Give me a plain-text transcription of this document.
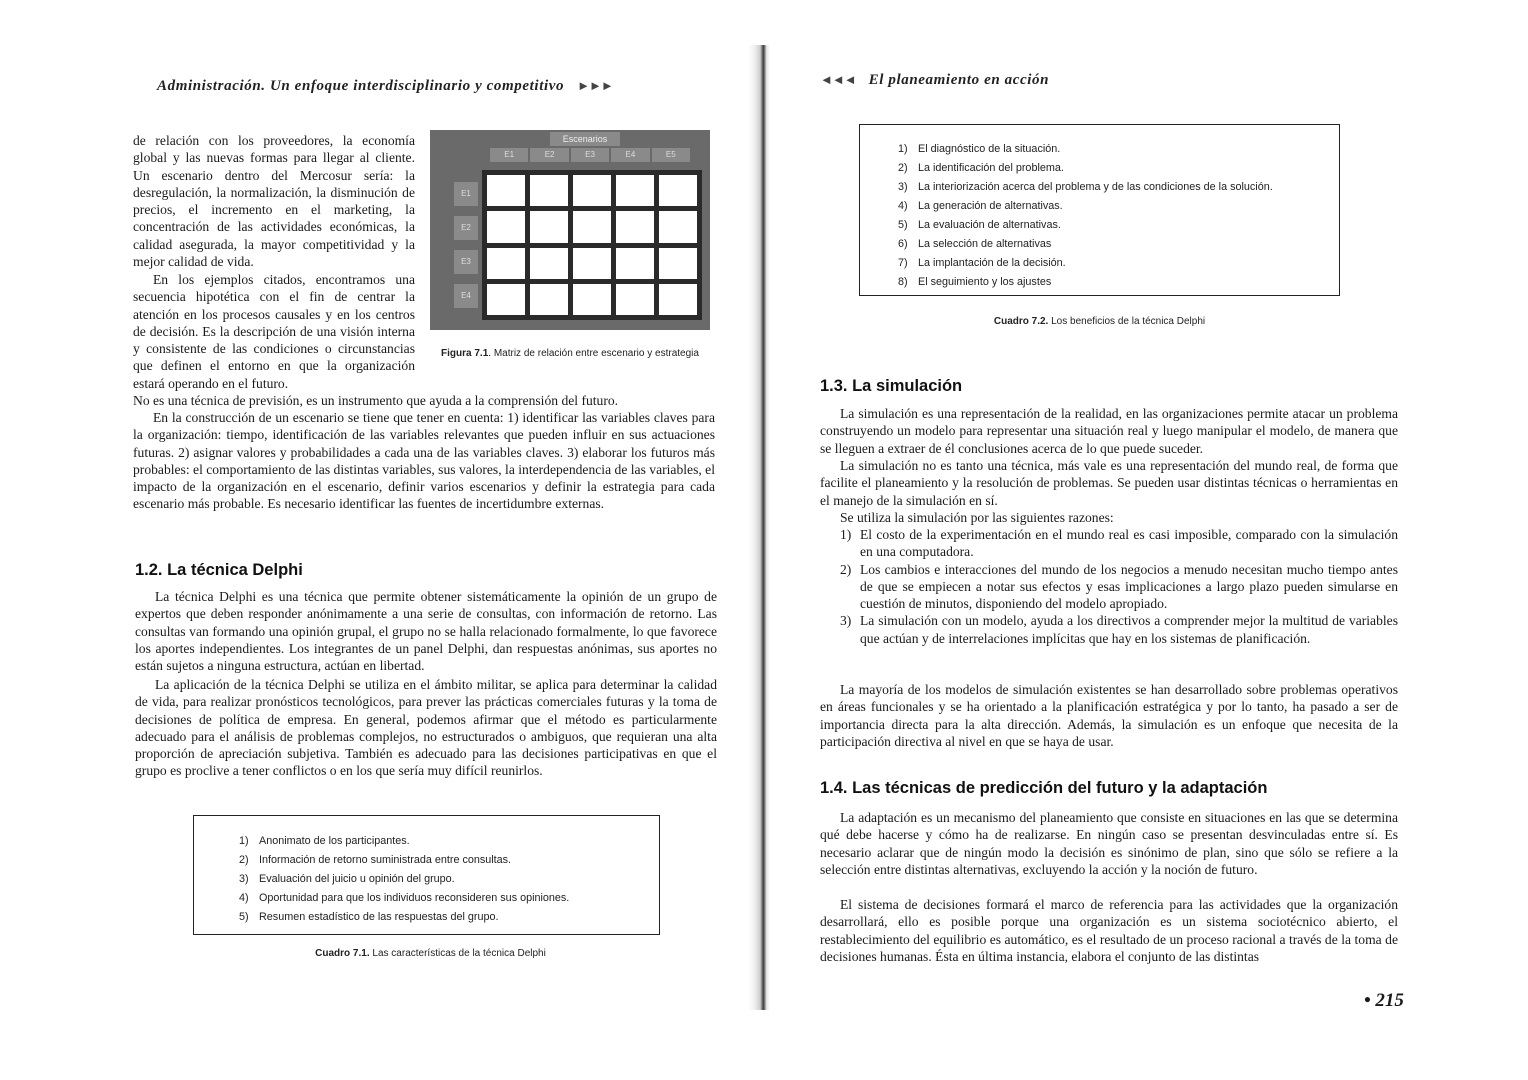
Administración. Un enfoque interdisciplinario y competitivo ►►►

de relación con los proveedores, la economía global y las nuevas formas para llegar al cliente. Un escenario dentro del Mercosur sería: la desregulación, la normalización, la disminución de precios, el incremento en el marketing, la concentración de las actividades económicas, la calidad asegurada, la mayor competitividad y la mejor calidad de vida.

En los ejemplos citados, encontramos una secuencia hipotética con el fin de centrar la atención en los procesos causales y en los centros de decisión. Es la descripción de una visión interna y consistente de las condiciones o circunstancias que definen el entorno en que la organización estará operando en el futuro.

Escenarios
E1	E2	E3	E4	E5
E1
E2
E3
E4
Figura 7.1. Matriz de relación entre escenario y estrategia

No es una técnica de previsión, es un instrumento que ayuda a la comprensión del futuro.

En la construcción de un escenario se tiene que tener en cuenta: 1) identificar las variables claves para la organización: tiempo, identificación de las variables relevantes que pueden influir en sus actuaciones futuras. 2) asignar valores y probabilidades a cada una de las variables claves. 3) elaborar los futuros más probables: el comportamiento de las distintas variables, sus valores, la interdependencia de las variables, el impacto de la organización en el escenario, definir varios escenarios y definir la estrategia para cada escenario más probable. Es necesario identificar las fuentes de incertidumbre externas.

1.2. La técnica Delphi

La técnica Delphi es una técnica que permite obtener sistemáticamente la opinión de un grupo de expertos que deben responder anónimamente a una serie de consultas, con información de retorno. Las consultas van formando una opinión grupal, el grupo no se halla relacionado formalmente, lo que favorece los aportes independientes. Los integrantes de un panel Delphi, dan respuestas anónimas, sus aportes no están sujetos a ninguna estructura, actúan en libertad.

La aplicación de la técnica Delphi se utiliza en el ámbito militar, se aplica para determinar la calidad de vida, para realizar pronósticos tecnológicos, para prever las prácticas comerciales futuras y la toma de decisiones de política de empresa. En general, podemos afirmar que el método es particularmente adecuado para el análisis de problemas complejos, no estructurados o ambiguos, que requieran una alta proporción de apreciación subjetiva. También es adecuado para las decisiones participativas en que el grupo es proclive a tener conflictos o en los que sería muy difícil reunirlos.

1) Anonimato de los participantes.
2) Información de retorno suministrada entre consultas.
3) Evaluación del juicio u opinión del grupo.
4) Oportunidad para que los individuos reconsideren sus opiniones.
5) Resumen estadístico de las respuestas del grupo.
Cuadro 7.1. Las características de la técnica Delphi
◄◄◄ El planeamiento en acción
1) El diagnóstico de la situación.
2) La identificación del problema.
3) La interiorización acerca del problema y de las condiciones de la solución.
4) La generación de alternativas.
5) La evaluación de alternativas.
6) La selección de alternativas
7) La implantación de la decisión.
8) El seguimiento y los ajustes
Cuadro 7.2. Los beneficios de la técnica Delphi
1.3. La simulación

La simulación es una representación de la realidad, en las organizaciones permite atacar un problema construyendo un modelo para representar una situación real y luego manipular el modelo, de manera que se lleguen a extraer de él conclusiones acerca de lo que puede suceder.

La simulación no es tanto una técnica, más vale es una representación del mundo real, de forma que facilite el planeamiento y la resolución de problemas. Se pueden usar distintas técnicas o herramientas en el manejo de la simulación en sí.

Se utiliza la simulación por las siguientes razones:

1) El costo de la experimentación en el mundo real es casi imposible, comparado con la simulación en una computadora.
2) Los cambios e interacciones del mundo de los negocios a menudo necesitan mucho tiempo antes de que se empiecen a notar sus efectos y esas implicaciones a largo plazo pueden simularse en cuestión de minutos, disponiendo del modelo apropiado.
3) La simulación con un modelo, ayuda a los directivos a comprender mejor la multitud de variables que actúan y de interrelaciones implícitas que hay en los sistemas de planificación.

La mayoría de los modelos de simulación existentes se han desarrollado sobre problemas operativos en áreas funcionales y se ha orientado a la planificación estratégica y por lo tanto, ha pasado a ser de importancia directa para la alta dirección. Además, la simulación es un enfoque que necesita de la participación directiva al nivel en que se haya de usar.

1.4. Las técnicas de predicción del futuro y la adaptación

La adaptación es un mecanismo del planeamiento que consiste en situaciones en las que se determina qué debe hacerse y cómo ha de realizarse. En ningún caso se presentan desvinculadas entre sí. Es necesario aclarar que de ningún modo la decisión es sinónimo de plan, sino que sólo se refiere a la selección entre distintas alternativas, excluyendo la acción y la noción de futuro.

El sistema de decisiones formará el marco de referencia para las actividades que la organización desarrollará, ello es posible porque una organización es un sistema sociotécnico abierto, el restablecimiento del equilibrio es automático, es el resultado de un proceso racional a través de la toma de decisiones humanas. Ésta en última instancia, elabora el conjunto de las distintas

• 215
